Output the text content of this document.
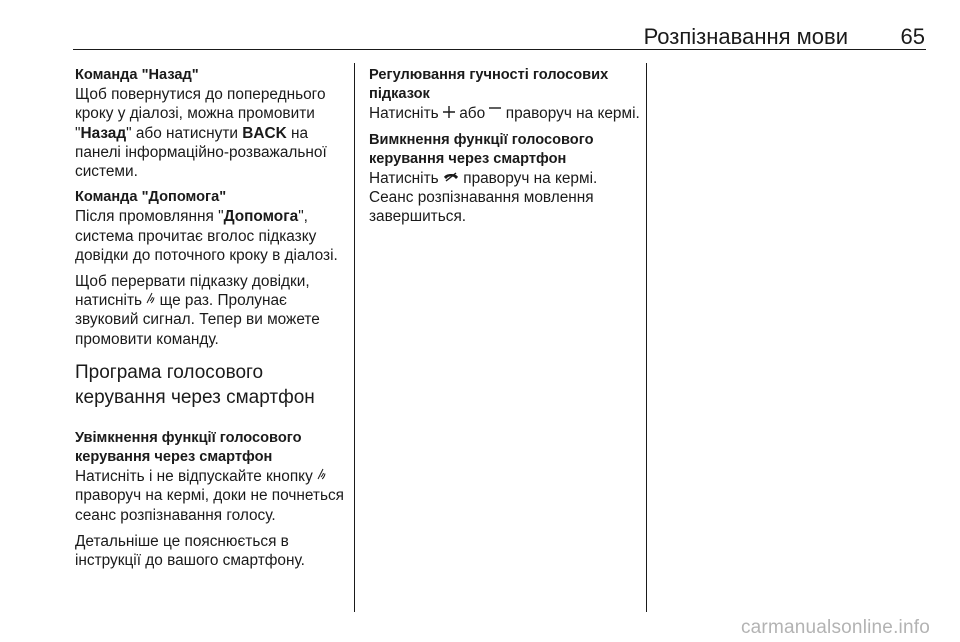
Розпізнавання мови 65
Команда "Назад"

Щоб повернутися до попереднього кроку у діалозі, можна промовити "Назад" або натиснути BACK на панелі інформаційно-розважальної системи.

Команда "Допомога"

Після промовляння "Допомога", система прочитає вголос підказку довідки до поточного кроку в діалозі.

Щоб перервати підказку довідки, натисніть  ще раз. Пролунає звуковий сигнал. Тепер ви можете промовити команду.

Програма голосового керування через смартфон

Увімкнення функції голосового керування через смартфон

Натисніть і не відпускайте кнопку  праворуч на кермі, доки не почнеться сеанс розпізнавання голосу.

Детальніше це пояснюється в інструкції до вашого смартфону.

Регулювання гучності голосових підказок

Натисніть  або  праворуч на кермі.

Вимкнення функції голосового керування через смартфон

Натисніть  праворуч на кермі. Сеанс розпізнавання мовлення завершиться.

carmanualsonline.info
